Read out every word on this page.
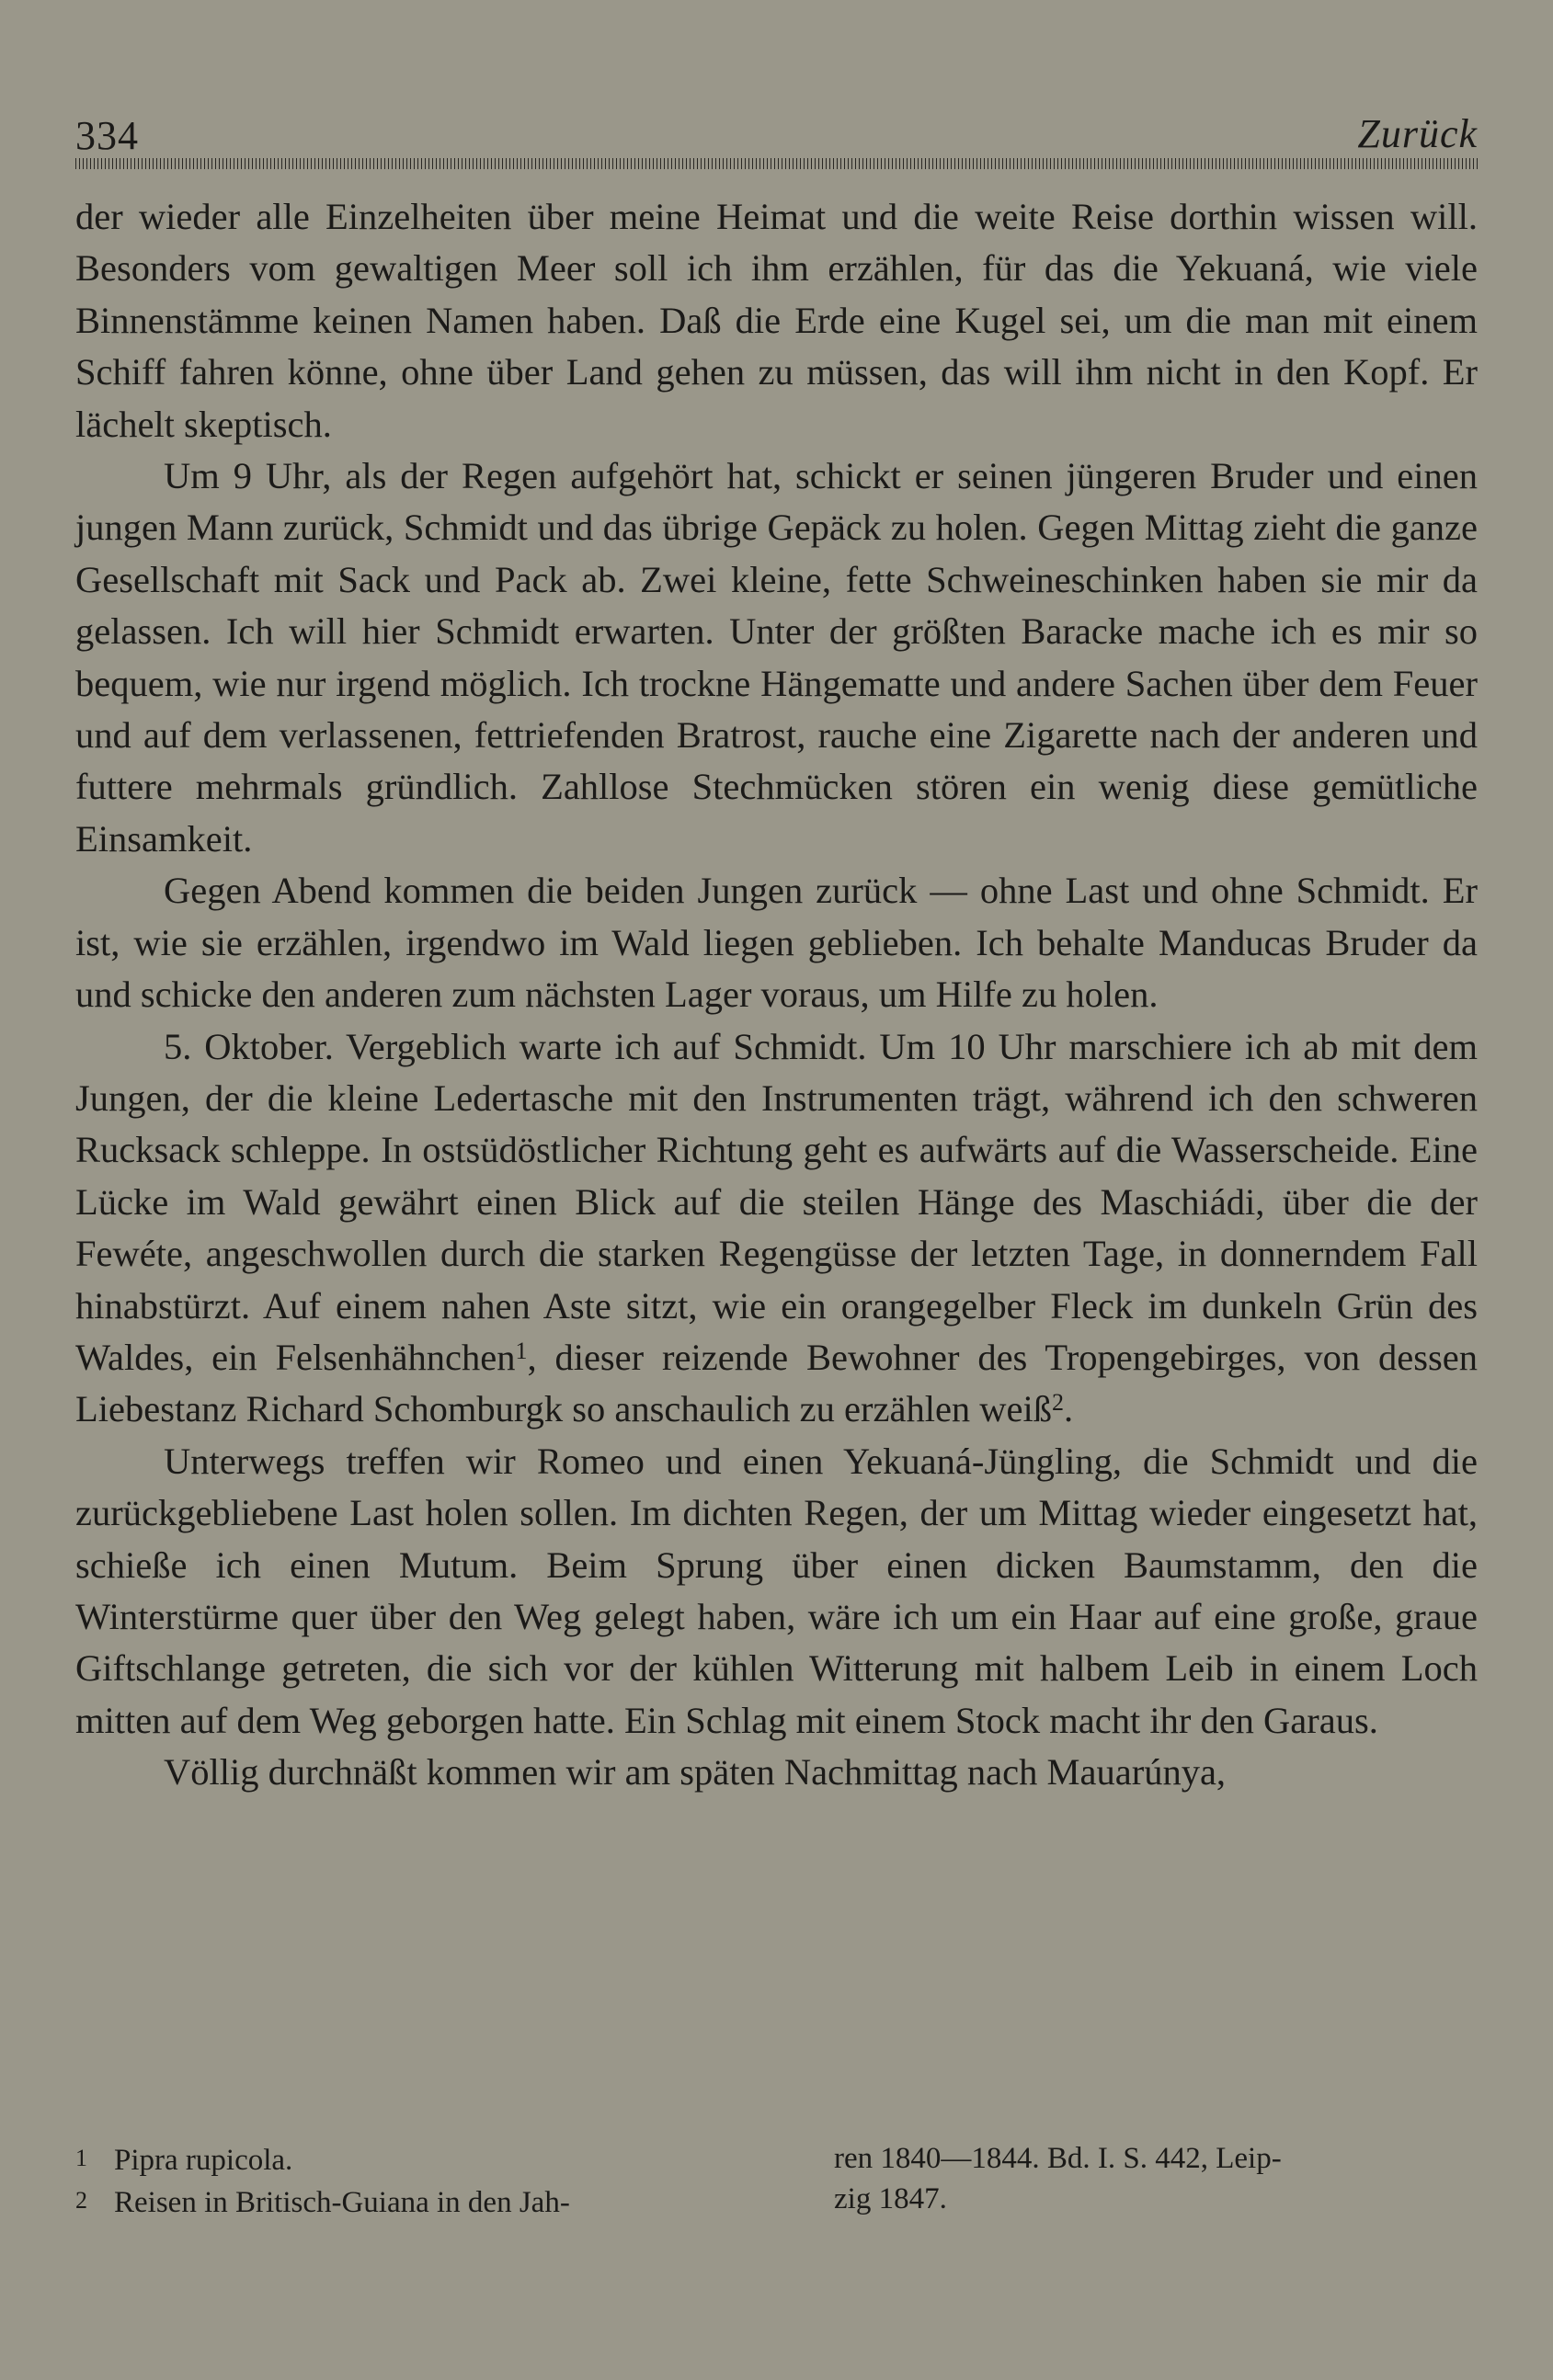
334	Zurück

der wieder alle Einzelheiten über meine Heimat und die weite Reise dorthin wissen will. Besonders vom gewaltigen Meer soll ich ihm erzählen, für das die Yekuaná, wie viele Binnenstämme keinen Namen haben. Daß die Erde eine Kugel sei, um die man mit einem Schiff fahren könne, ohne über Land gehen zu müssen, das will ihm nicht in den Kopf. Er lächelt skeptisch.

Um 9 Uhr, als der Regen aufgehört hat, schickt er seinen jüngeren Bruder und einen jungen Mann zurück, Schmidt und das übrige Gepäck zu holen. Gegen Mittag zieht die ganze Gesellschaft mit Sack und Pack ab. Zwei kleine, fette Schweineschinken haben sie mir da gelassen. Ich will hier Schmidt erwarten. Unter der größten Baracke mache ich es mir so bequem, wie nur irgend möglich. Ich trockne Hängematte und andere Sachen über dem Feuer und auf dem verlassenen, fettriefenden Bratrost, rauche eine Zigarette nach der anderen und futtere mehrmals gründlich. Zahllose Stechmücken stören ein wenig diese gemütliche Einsamkeit.

Gegen Abend kommen die beiden Jungen zurück — ohne Last und ohne Schmidt. Er ist, wie sie erzählen, irgendwo im Wald liegen geblieben. Ich behalte Manducas Bruder da und schicke den anderen zum nächsten Lager voraus, um Hilfe zu holen.

5. Oktober. Vergeblich warte ich auf Schmidt. Um 10 Uhr marschiere ich ab mit dem Jungen, der die kleine Ledertasche mit den Instrumenten trägt, während ich den schweren Rucksack schleppe. In ostsüdöstlicher Richtung geht es aufwärts auf die Wasserscheide. Eine Lücke im Wald gewährt einen Blick auf die steilen Hänge des Maschiádi, über die der Fewéte, angeschwollen durch die starken Regengüsse der letzten Tage, in donnerndem Fall hinabstürzt. Auf einem nahen Aste sitzt, wie ein orangegelber Fleck im dunkeln Grün des Waldes, ein Felsenhähnchen$^1$, dieser reizende Bewohner des Tropengebirges, von dessen Liebestanz Richard Schomburgk so anschaulich zu erzählen weiß$^2$.

Unterwegs treffen wir Romeo und einen Yekuaná-Jüngling, die Schmidt und die zurückgebliebene Last holen sollen. Im dichten Regen, der um Mittag wieder eingesetzt hat, schieße ich einen Mutum. Beim Sprung über einen dicken Baumstamm, den die Winterstürme quer über den Weg gelegt haben, wäre ich um ein Haar auf eine große, graue Giftschlange getreten, die sich vor der kühlen Witterung mit halbem Leib in einem Loch mitten auf dem Weg geborgen hatte. Ein Schlag mit einem Stock macht ihr den Garaus.

Völlig durchnäßt kommen wir am späten Nachmittag nach Mauarúnya,

1 Pipra rupicola.
2 Reisen in Britisch-Guiana in den Jah-
ren 1840—1844. Bd. I. S. 442, Leip-
zig 1847.
